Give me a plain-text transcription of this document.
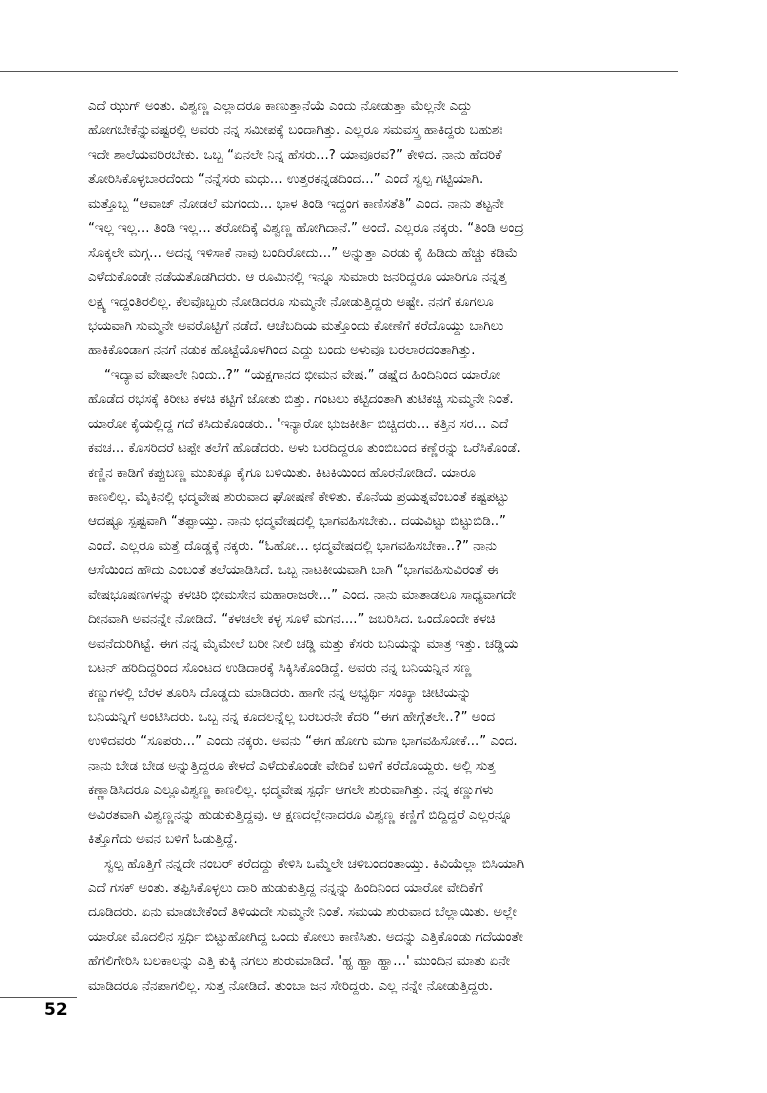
ಎದೆ ಝುಗ್ ಅಂತು. ವಿಶ್ವಣ್ಣ ಎಲ್ಲಾದರೂ ಕಾಣುತ್ತಾನೆಯೆ ಎಂದು ನೋಡುತ್ತಾ ಮೆಲ್ಲನೇ ಎದ್ದು
ಹೋಗಬೇಕೆನ್ನುವಷ್ಟರಲ್ಲಿ ಅವರು ನನ್ನ ಸಮೀಪಕ್ಕೆ ಬಂದಾಗಿತ್ತು. ಎಲ್ಲರೂ ಸಮವಸ್ತ್ರ ಹಾಕಿದ್ದರು ಬಹುಶಃ
ಇದೇ ಶಾಲೆಯವರಿರಬೇಕು. ಒಬ್ಬ “ಏನಲೇ ನಿನ್ನ ಹೆಸರು...? ಯಾವೂರವ?” ಕೇಳಿದ. ನಾನು ಹೆದರಿಕೆ
ತೋರಿಸಿಕೊಳ್ಳಬಾರದೆಂದು “ನನ್ನೆಸರು ಮಧು... ಉತ್ತರಕನ್ನಡದಿಂದ...” ಎಂದೆ ಸ್ವಲ್ಪ ಗಟ್ಟಿಯಾಗಿ.
ಮತ್ತೊಬ್ಬ “ಆವಾಜ್ ನೋಡಲೆ ಮಗಂದು... ಭಾಳ ತಿಂಡಿ ಇದ್ದಂಗ ಕಾಣಿಸತೆತಿ” ಎಂದ. ನಾನು ತಟ್ಟನೇ
“ಇಲ್ಲ ಇಲ್ಲ... ತಿಂಡಿ ಇಲ್ಲ... ತರೋದಿಕ್ಕೆ ವಿಶ್ವಣ್ಣ ಹೋಗಿದಾನೆ.” ಅಂದೆ. ಎಲ್ಲರೂ ನಕ್ಕರು. “ತಿಂಡಿ ಅಂದ್ರ
ಸೊಕ್ಕಲೇ ಮಗ್ಗ... ಅದನ್ನ ಇಳಿಸಾಕೆ ನಾವು ಬಂದಿರೋದು...” ಅನ್ನುತ್ತಾ ಎರಡು ಕೈ ಹಿಡಿದು ಹೆಚ್ಚು ಕಡಿಮೆ
ಎಳೆದುಕೊಂಡೇ ನಡೆಯತೊಡಗಿದರು. ಆ ರೂಮಿನಲ್ಲಿ ಇನ್ನೂ ಸುಮಾರು ಜನರಿದ್ದರೂ ಯಾರಿಗೂ ನನ್ನತ್ತ
ಲಕ್ಷ್ಯ ಇದ್ದಂತಿರಲಿಲ್ಲ. ಕೆಲವೊಬ್ಬರು ನೋಡಿದರೂ ಸುಮ್ಮನೇ ನೋಡುತ್ತಿದ್ದರು ಅಷ್ಟೇ. ನನಗೆ ಕೂಗಲೂ
ಭಯವಾಗಿ ಸುಮ್ಮನೇ ಅವರೊಟ್ಟಿಗೆ ನಡೆದೆ. ಆಚೆಬದಿಯ ಮತ್ತೊಂದು ಕೋಣೆಗೆ ಕರೆದೊಯ್ದು ಬಾಗಿಲು
ಹಾಕಿಕೊಂಡಾಗ ನನಗೆ ನಡುಕ ಹೊಟ್ಟೆಯೊಳಗಿಂದ ಎದ್ದು ಬಂದು ಅಳುವೂ ಬರಲಾರದಂತಾಗಿತ್ತು.
“ಇದ್ಯಾವ ವೇಷಾಲೇ ನಿಂದು..?” “ಯಕ್ಷಗಾನದ ಭೀಮನ ವೇಷ.” ಡಷ್ಷೆದ ಹಿಂದಿನಿಂದ ಯಾರೋ
ಹೊಡೆದ ರಭಸಕ್ಕೆ ಕಿರೀಟ ಕಳಚಿ ಕಟ್ಟಿಗೆ ಜೋತು ಬಿತ್ತು. ಗಂಟಲು ಕಟ್ಟಿದಂತಾಗಿ ತುಟಿಕಚ್ಚಿ ಸುಮ್ಮನೇ ನಿಂತೆ.
ಯಾರೋ ಕೈಯಲ್ಲಿದ್ದ ಗದೆ ಕಸಿದುಕೊಂಡರು.. 'ಇನ್ಯಾರೋ ಭುಜಕೀರ್ತಿ ಬಿಚ್ಚಿದರು... ಕತ್ತಿನ ಸರ... ಎದೆ
ಕವಚ... ಕೊಸರಿದರೆ ಟಪ್ಪೇ ತಲೆಗೆ ಹೊಡೆದರು. ಅಳು ಬರದಿದ್ದರೂ ತುಂಬಿಬಂದ ಕಣ್ಣೆರನ್ನು ಒರೆಸಿಕೊಂಡೆ.
ಕಣ್ಣಿನ ಕಾಡಿಗೆ ಕಪ್ಪುಬಣ್ಣ ಮುಖಕ್ಕೂ ಕೈಗೂ ಬಳಿಯಿತು. ಕಿಟಕಿಯಿಂದ ಹೊರನೋಡಿದೆ. ಯಾರೂ
ಕಾಣಲಿಲ್ಲ. ಮೈಕಿನಲ್ಲಿ ಛದ್ಮವೇಷ ಶುರುವಾದ ಘೋಷಣೆ ಕೇಳಿತು. ಕೊನೆಯ ಪ್ರಯತ್ನವೆಂಬಂತೆ ಕಷ್ಟಪಟ್ಟು
ಆದಷ್ಟೂ ಸ್ಪಷ್ಟವಾಗಿ “ತಪ್ಪಾಯ್ತು. ನಾನು ಛದ್ಮವೇಷದಲ್ಲಿ ಭಾಗವಹಿಸಬೇಕು.. ದಯವಿಟ್ಟು ಬಿಟ್ಟುಬಿಡಿ..”
ಎಂದೆ. ಎಲ್ಲರೂ ಮತ್ತೆ ದೊಡ್ಡಕ್ಕೆ ನಕ್ಕರು. “ಓಹೋ... ಛದ್ಮವೇಷದಲ್ಲಿ ಭಾಗವಹಿಸಬೇಕಾ..?” ನಾನು
ಆಸೆಯಿಂದ ಹೌದು ಎಂಬಂತೆ ತಲೆಯಾಡಿಸಿದೆ. ಒಬ್ಬ ನಾಟಕೀಯವಾಗಿ ಬಾಗಿ “ಭಾಗವಹಿಸುವಿರಂತೆ ಈ
ವೇಷಭೂಷಣಗಳನ್ನು ಕಳಚಿರಿ ಭೀಮಸೇನ ಮಹಾರಾಜರೇ...” ಎಂದ. ನಾನು ಮಾತಾಡಲೂ ಸಾಧ್ಯವಾಗದೇ
ದೀನವಾಗಿ ಅವನನ್ನೇ ನೋಡಿದೆ. “ಕಳಚಲೇ ಕಳ್ಳ ಸೂಳೆ ಮಗನ....” ಜಬರಿಸಿದ. ಒಂದೊಂದೇ ಕಳಚಿ
ಅವನೆದುರಿಗಿಟ್ಟೆ. ಈಗ ನನ್ನ ಮೈಮೇಲೆ ಬರೀ ನೀಲಿ ಚಡ್ಡಿ ಮತ್ತು ಕೆಸರು ಬನಿಯನ್ನು ಮಾತ್ರ ಇತ್ತು. ಚಡ್ಡಿಯ
ಬಟನ್ ಹರಿದಿದ್ದರಿಂದ ಸೊಂಟದ ಉಡಿದಾರಕ್ಕೆ ಸಿಕ್ಕಿಸಿಕೊಂಡಿದ್ದೆ. ಅವರು ನನ್ನ ಬನಿಯನ್ನಿನ ಸಣ್ಣ
ಕಣ್ಣುಗಳಲ್ಲಿ ಬೆರಳ ತೂರಿಸಿ ದೊಡ್ಡದು ಮಾಡಿದರು. ಹಾಗೇ ನನ್ನ ಅಭ್ಯರ್ಥಿ ಸಂಖ್ಯಾ ಚೀಟಿಯನ್ನು
ಬನಿಯನ್ನಿಗೆ ಅಂಟಿಸಿದರು. ಒಬ್ಬ ನನ್ನ ಕೂದಲನ್ನೆಲ್ಲ ಬರಬರನೇ ಕೆದರಿ “ಈಗ ಹೇಗ್ಗೆತಲೇ..?” ಅಂದ
ಉಳಿದವರು “ಸೂಪರು...” ಎಂದು ನಕ್ಕರು. ಅವನು “ಈಗ ಹೋಗು ಮಗಾ ಭಾಗವಹಿಸೋಕೆ...” ಎಂದ.
ನಾನು ಬೇಡ ಬೇಡ ಅನ್ನುತ್ತಿದ್ದರೂ ಕೇಳದೆ ಎಳೆದುಕೊಂಡೇ ವೇದಿಕೆ ಬಳಿಗೆ ಕರೆದೊಯ್ದರು. ಅಲ್ಲಿ ಸುತ್ತ
ಕಣ್ಣಾಡಿಸಿದರೂ ಎಲ್ಲೂವಿಶ್ವಣ್ಣ ಕಾಣಲಿಲ್ಲ. ಛದ್ಮವೇಷ ಸ್ಪರ್ಧೆ ಆಗಲೇ ಶುರುವಾಗಿತ್ತು. ನನ್ನ ಕಣ್ಣುಗಳು
ಅವಿರತವಾಗಿ ವಿಶ್ವಣ್ಣನನ್ನು ಹುಡುಕುತ್ತಿದ್ದವು. ಆ ಕ್ಷಣದಲ್ಲೇನಾದರೂ ವಿಶ್ವಣ್ಣ ಕಣ್ಣಿಗೆ ಬಿದ್ದಿದ್ದರೆ ಎಲ್ಲರನ್ನೂ
ಕಿತ್ತೊಗೆದು ಅವನ ಬಳಿಗೆ ಓಡುತ್ತಿದ್ದೆ.
ಸ್ವಲ್ಪ ಹೊತ್ತಿಗೆ ನನ್ನದೇ ನಂಬರ್ ಕರೆದದ್ದು ಕೇಳಿಸಿ ಒಮ್ಮೆಲೇ ಚಳಿಬಂದಂತಾಯ್ತು. ಕಿವಿಯೆಲ್ಲಾ ಬಿಸಿಯಾಗಿ
ಎದೆ ಗಸಕ್ ಅಂತು. ತಪ್ಪಿಸಿಕೊಳ್ಳಲು ದಾರಿ ಹುಡುಕುತ್ತಿದ್ದ ನನ್ನನ್ನು ಹಿಂದಿನಿಂದ ಯಾರೋ ವೇದಿಕೆಗೆ
ದೂಡಿದರು. ಏನು ಮಾಡಬೇಕೆಂದೆ ತಿಳಿಯದೇ ಸುಮ್ಮನೇ ನಿಂತೆ. ಸಮಯ ಶುರುವಾದ ಬೆಲ್ಲಾಯಿತು. ಅಲ್ಲೇ
ಯಾರೋ ಮೊದಲಿನ ಸ್ಪರ್ಧಿ ಬಿಟ್ಟುಹೋಗಿದ್ದ ಒಂದು ಕೋಲು ಕಾಣಿಸಿತು. ಅದನ್ನು ಎತ್ತಿಕೊಂಡು ಗದೆಯಂತೇ
ಹೆಗಲಿಗೇರಿಸಿ ಬಲಕಾಲನ್ನು ಎತ್ತಿ ಕುಕ್ಕಿ ನಗಲು ಶುರುಮಾಡಿದೆ. 'ಹ್ಹ ಹ್ಹಾ ಹ್ಹಾ...' ಮುಂದಿನ ಮಾತು ಏನೇ
ಮಾಡಿದರೂ ನೆನಪಾಗಲಿಲ್ಲ. ಸುತ್ತ ನೋಡಿದೆ. ತುಂಬಾ ಜನ ಸೇರಿದ್ದರು. ಎಲ್ಲ ನನ್ನೇ ನೋಡುತ್ತಿದ್ದರು.
52
